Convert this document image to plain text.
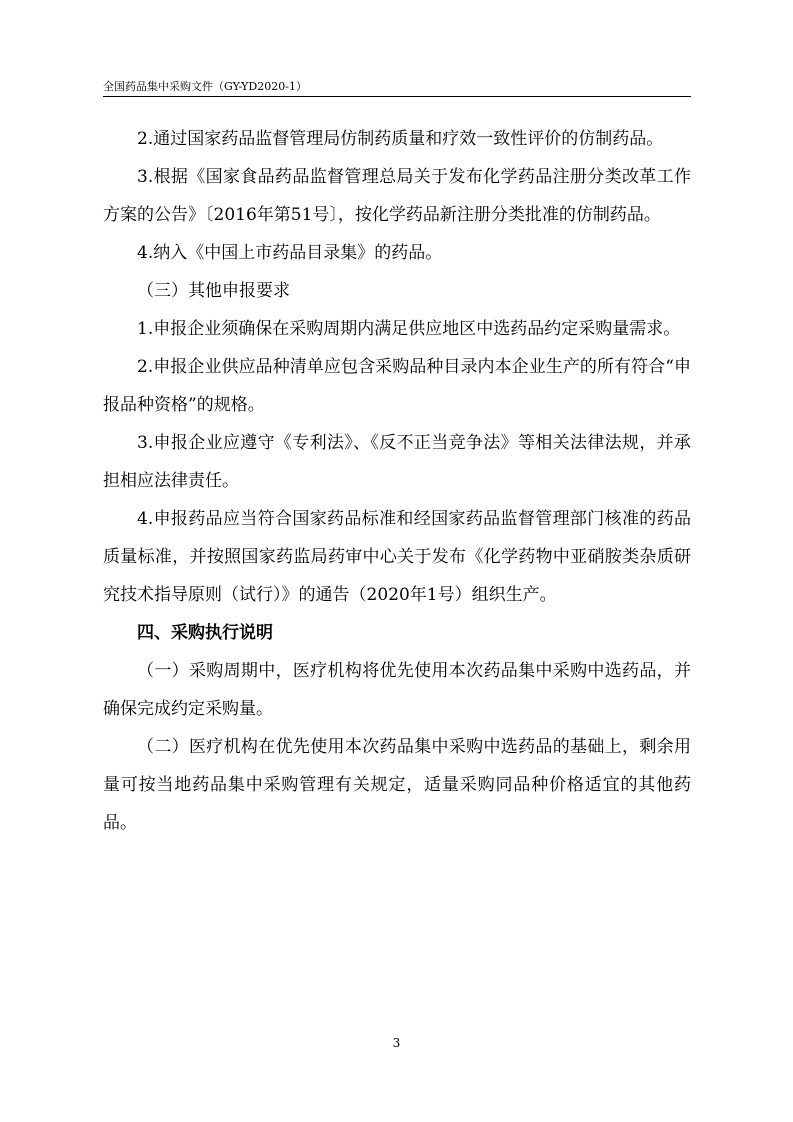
全国药品集中采购文件（GY-YD2020-1）

2.通过国家药品监督管理局仿制药质量和疗效一致性评价的仿制药品。

3.根据《国家食品药品监督管理总局关于发布化学药品注册分类改革工作方案的公告》〔2016年第51号〕，按化学药品新注册分类批准的仿制药品。

4.纳入《中国上市药品目录集》的药品。

（三）其他申报要求

1.申报企业须确保在采购周期内满足供应地区中选药品约定采购量需求。

2.申报企业供应品种清单应包含采购品种目录内本企业生产的所有符合“申报品种资格”的规格。

3.申报企业应遵守《专利法》、《反不正当竞争法》等相关法律法规，并承担相应法律责任。

4.申报药品应当符合国家药品标准和经国家药品监督管理部门核准的药品质量标准，并按照国家药监局药审中心关于发布《化学药物中亚硝胺类杂质研究技术指导原则（试行）》的通告（2020年1号）组织生产。

四、采购执行说明

（一）采购周期中，医疗机构将优先使用本次药品集中采购中选药品，并确保完成约定采购量。

（二）医疗机构在优先使用本次药品集中采购中选药品的基础上，剩余用量可按当地药品集中采购管理有关规定，适量采购同品种价格适宜的其他药品。

3
